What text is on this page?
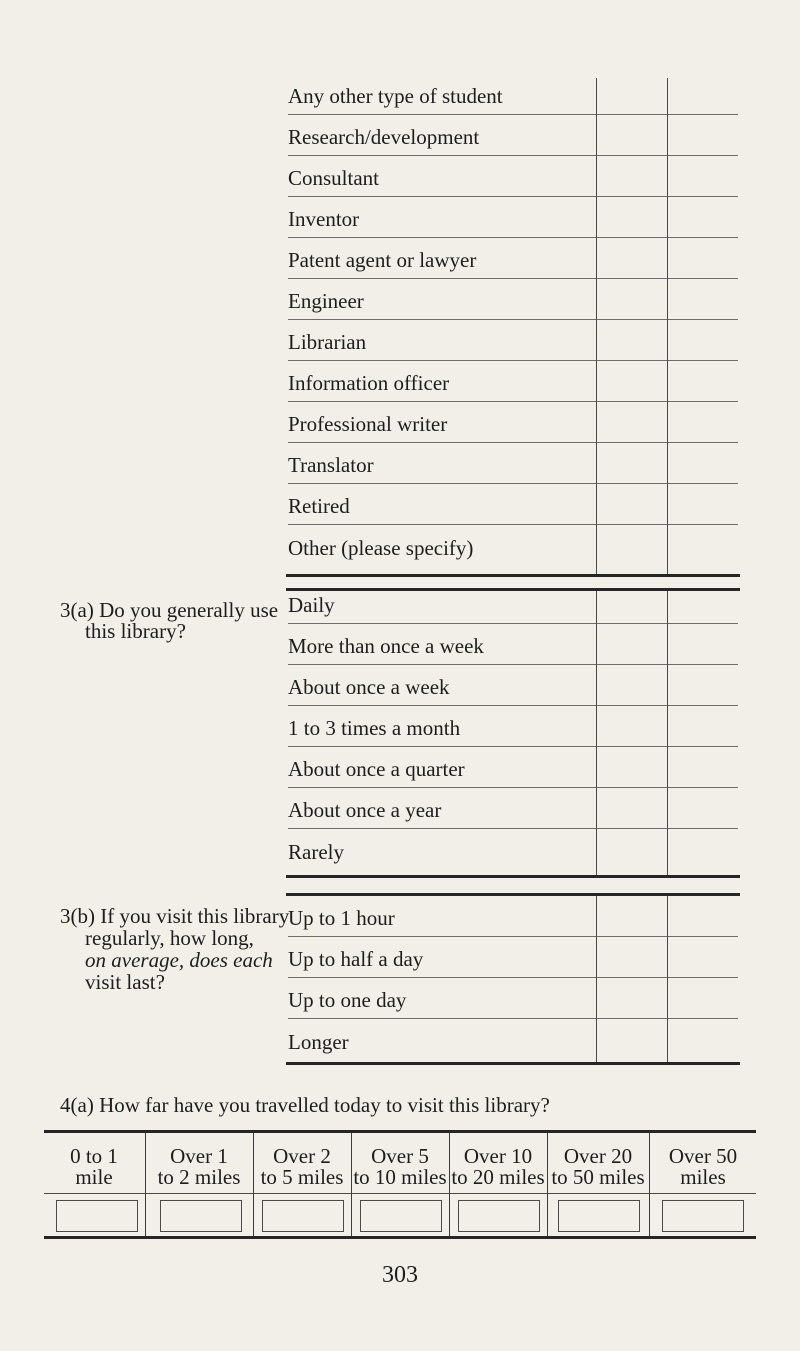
Any other type of student
Research/development
Consultant
Inventor
Patent agent or lawyer
Engineer
Librarian
Information officer
Professional writer
Translator
Retired
Other (please specify)
3(a) Do you generally use
this library?
Daily
More than once a week
About once a week
1 to 3 times a month
About once a quarter
About once a year
Rarely
3(b) If you visit this library
regularly, how long,
on average, does each
visit last?
Up to 1 hour
Up to half a day
Up to one day
Longer
4(a) How far have you travelled today to visit this library?
0 to 1
mile
Over 1
to 2 miles
Over 2
to 5 miles
Over 5
to 10 miles
Over 10
to 20 miles
Over 20
to 50 miles
Over 50
miles
303
